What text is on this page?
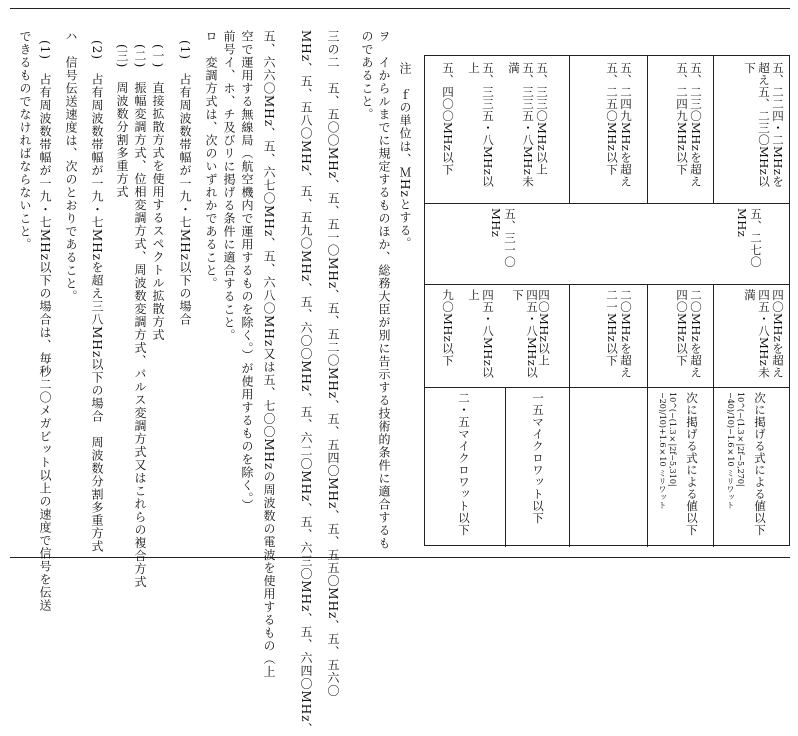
注
ｆの単位は、ＭHzとする。
ヲ　イからルまでに規定するものほか、総務大臣が別に告示する技術的条件に適合するものであること。
三の二　五、五〇〇MHz、五、五一〇MHz、五、五二〇MHz、五、五四〇MHz、五、五五〇MHz、五、五六〇
MHz、五、五八〇MHz、五、五九〇MHz、五、六〇〇MHz、五、六二〇MHz、五、六三〇MHz、五、六四〇MHz、
五、六六〇MHz、五、六七〇MHz、五、六八〇MHz又は五、七〇〇MHzの周波数の電波を使用するもの（上
空で運用する無線局（航空機内で運用するものを除く。）が使用するものを除く。）
前号イ、ホ、チ及びリに掲げる条件に適合すること。
ロ　変調方式は、次のいずれかであること。
(1)　占有周波数帯幅が一九・七MHz以下の場合
(一)　直接拡散方式を使用するスペクトル拡散方式
(二)　振幅変調方式、位相変調方式、周波数変調方式、パルス変調方式又はこれらの複合方式
(三)　周波数分割多重方式
(2)　占有周波数帯幅が一九・七MHzを超え三八MHz以下の場合　周波数分割多重方式
ハ　信号伝送速度は、次のとおりであること。
(1)　占有周波数帯幅が一九・七MHz以下の場合は、毎秒二〇メガビット以上の速度で信号を伝送
できるものでなければならないこと。	五、二二四・二MHzを超え五、二三〇MHz以下
五、二三〇MHzを超え五、二四九MHz以下
五、二四九MHzを超え五、二五〇MHz以下
五、三三〇MHz以上
五、三三五・八MHz未満
五、三三五・八MHz以上
五、四〇〇MHz以下
五、二七〇MHz
五、三一〇MHz
四〇MHzを超え四五・八MHz未満
二〇MHzを超え四〇MHz以下
二〇MHzを超え二一MHz以下
四〇MHz以上
四五・八MHz以下
四五・八MHz以上
九〇MHz以下
次に掲げる式による値以下
10^(−(1.3×|2f−5,270|−40)/10)−1.6×10 ミリワット
次に掲げる式による値以下
10^(−(1.3×|2f−5,310|−20)/10)+1.6×10 ミリワット
一五マイクロワット以下
二・五マイクロワット以下
